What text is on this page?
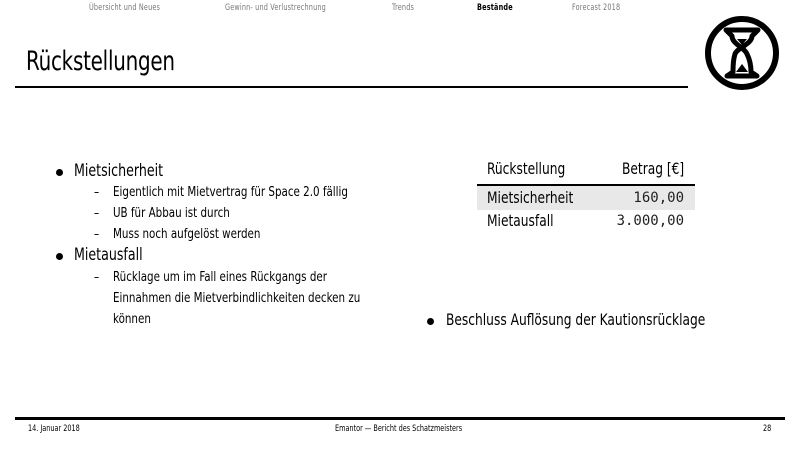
Übersicht und Neues	Gewinn- und Verlustrechnung	Trends	Bestände	Forecast 2018
Rückstellungen
Mietsicherheit
– Eigentlich mit Mietvertrag für Space 2.0 fällig
– UB für Abbau ist durch
– Muss noch aufgelöst werden
Mietausfall
– Rücklage um im Fall eines Rückgangs der
Einnahmen die Mietverbindlichkeiten decken zu
können
Rückstellung	Betrag [€]
Mietsicherheit	160,00
Mietausfall	3.000,00
Beschluss Auflösung der Kautionsrücklage
14. Januar 2018	Emantor — Bericht des Schatzmeisters	28
